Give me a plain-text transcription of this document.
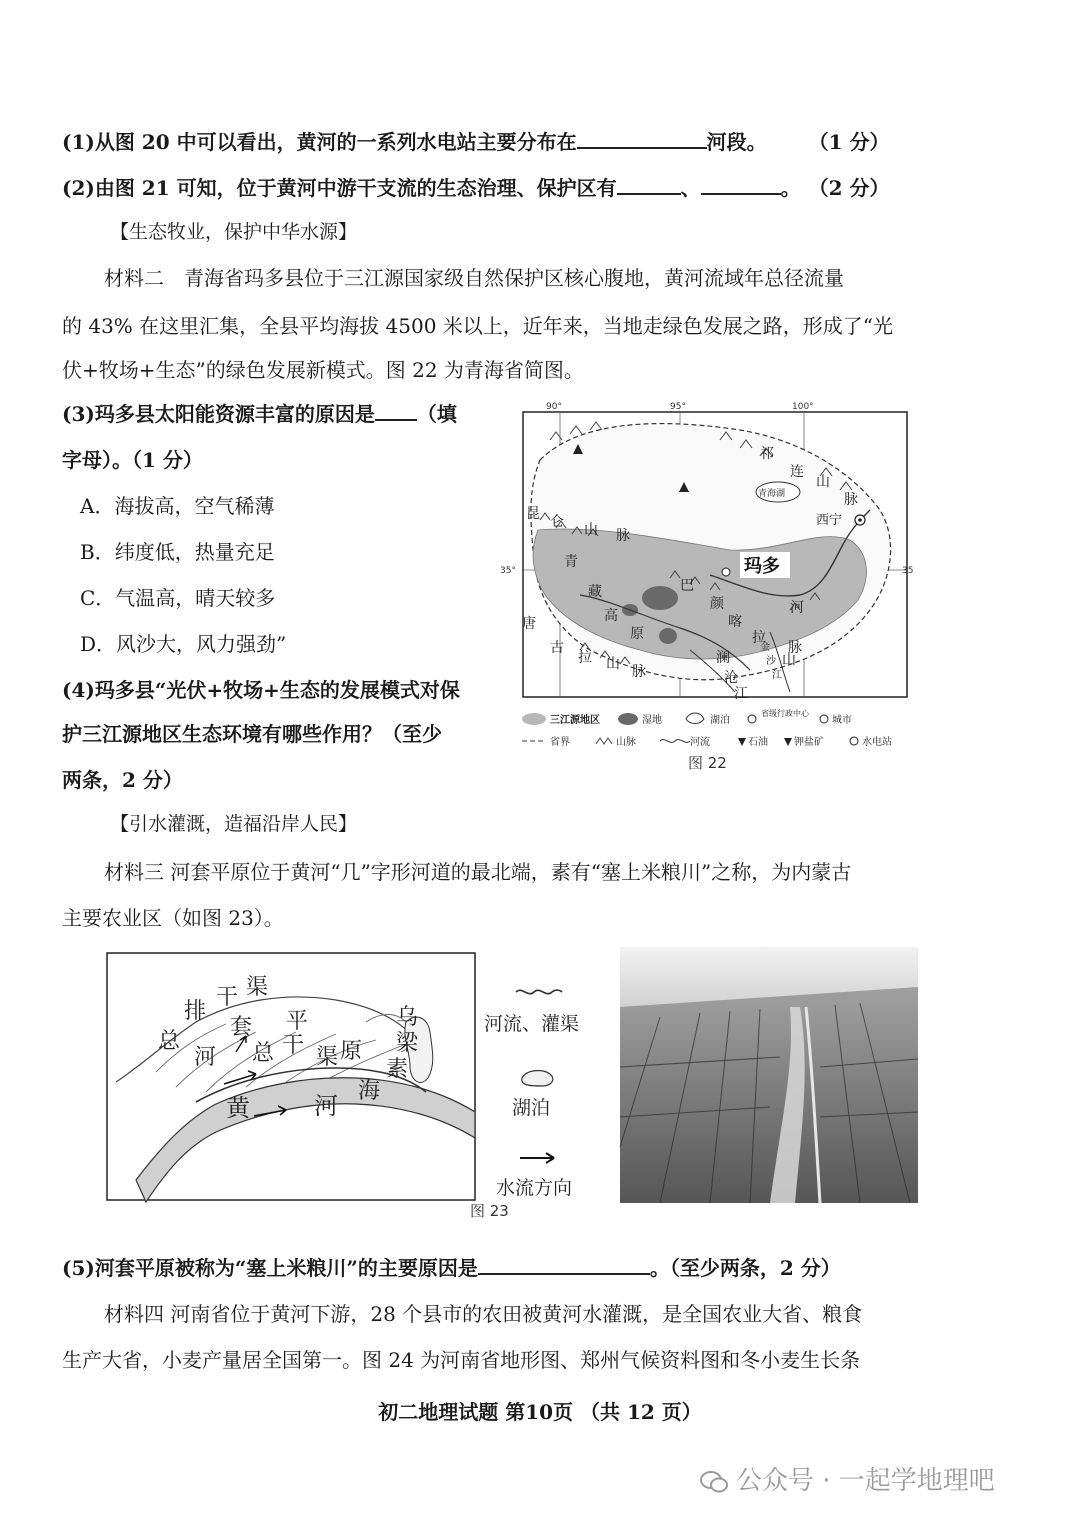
(1)从图 20 中可以看出，黄河的一系列水电站主要分布在	河段。	（1 分）
(2)由图 21 可知，位于黄河中游干支流的生态治理、保护区有	、	。 （2 分）
【生态牧业，保护中华水源】
材料二　青海省玛多县位于三江源国家级自然保护区核心腹地，黄河流域年总径流量
的 43% 在这里汇集，全县平均海拔 4500 米以上，近年来，当地走绿色发展之路，形成了“光
伏+牧场+生态”的绿色发展新模式。图 22 为青海省简图。
(3)玛多县太阳能资源丰富的原因是 （填
字母）。（1 分）
A．海拔高，空气稀薄
B．纬度低，热量充足
C．气温高，晴天较多
D．风沙大，风力强劲”
(4)玛多县“光伏+牧场+生态的发展模式对保
护三江源地区生态环境有哪些作用？（至少
两条，2 分）
90°	95°	100°
35°	35
祁
连
山
脉
青海湖
西宁
昆 仑 山 脉
青
藏
高
原
巴
颜
喀
拉
山
脉
河
唐
古
拉 山 脉
澜
沧
江
金
沙
江
玛多
三江源地区	湿地	湖泊
省级行政中心
城市
省界	山脉	河流	石油	钾盐矿	水电站
图 22
【引水灌溉，造福沿岸人民】
材料三 河套平原位于黄河“几”字形河道的最北端，素有“塞上米粮川”之称，为内蒙古
主要农业区（如图 23）。
总
排
干 渠
河
套 平
原
总 干 渠
黄	河
乌
梁
素
海
河流、灌渠
湖泊
水流方向
图 23
(5)河套平原被称为“塞上米粮川”的主要原因是	。（至少两条，2 分）
材料四 河南省位于黄河下游，28 个县市的农田被黄河水灌溉，是全国农业大省、粮食
生产大省，小麦产量居全国第一。图 24 为河南省地形图、郑州气候资料图和冬小麦生长条
初二地理试题 第10页 （共 12 页）
公众号 · 一起学地理吧
